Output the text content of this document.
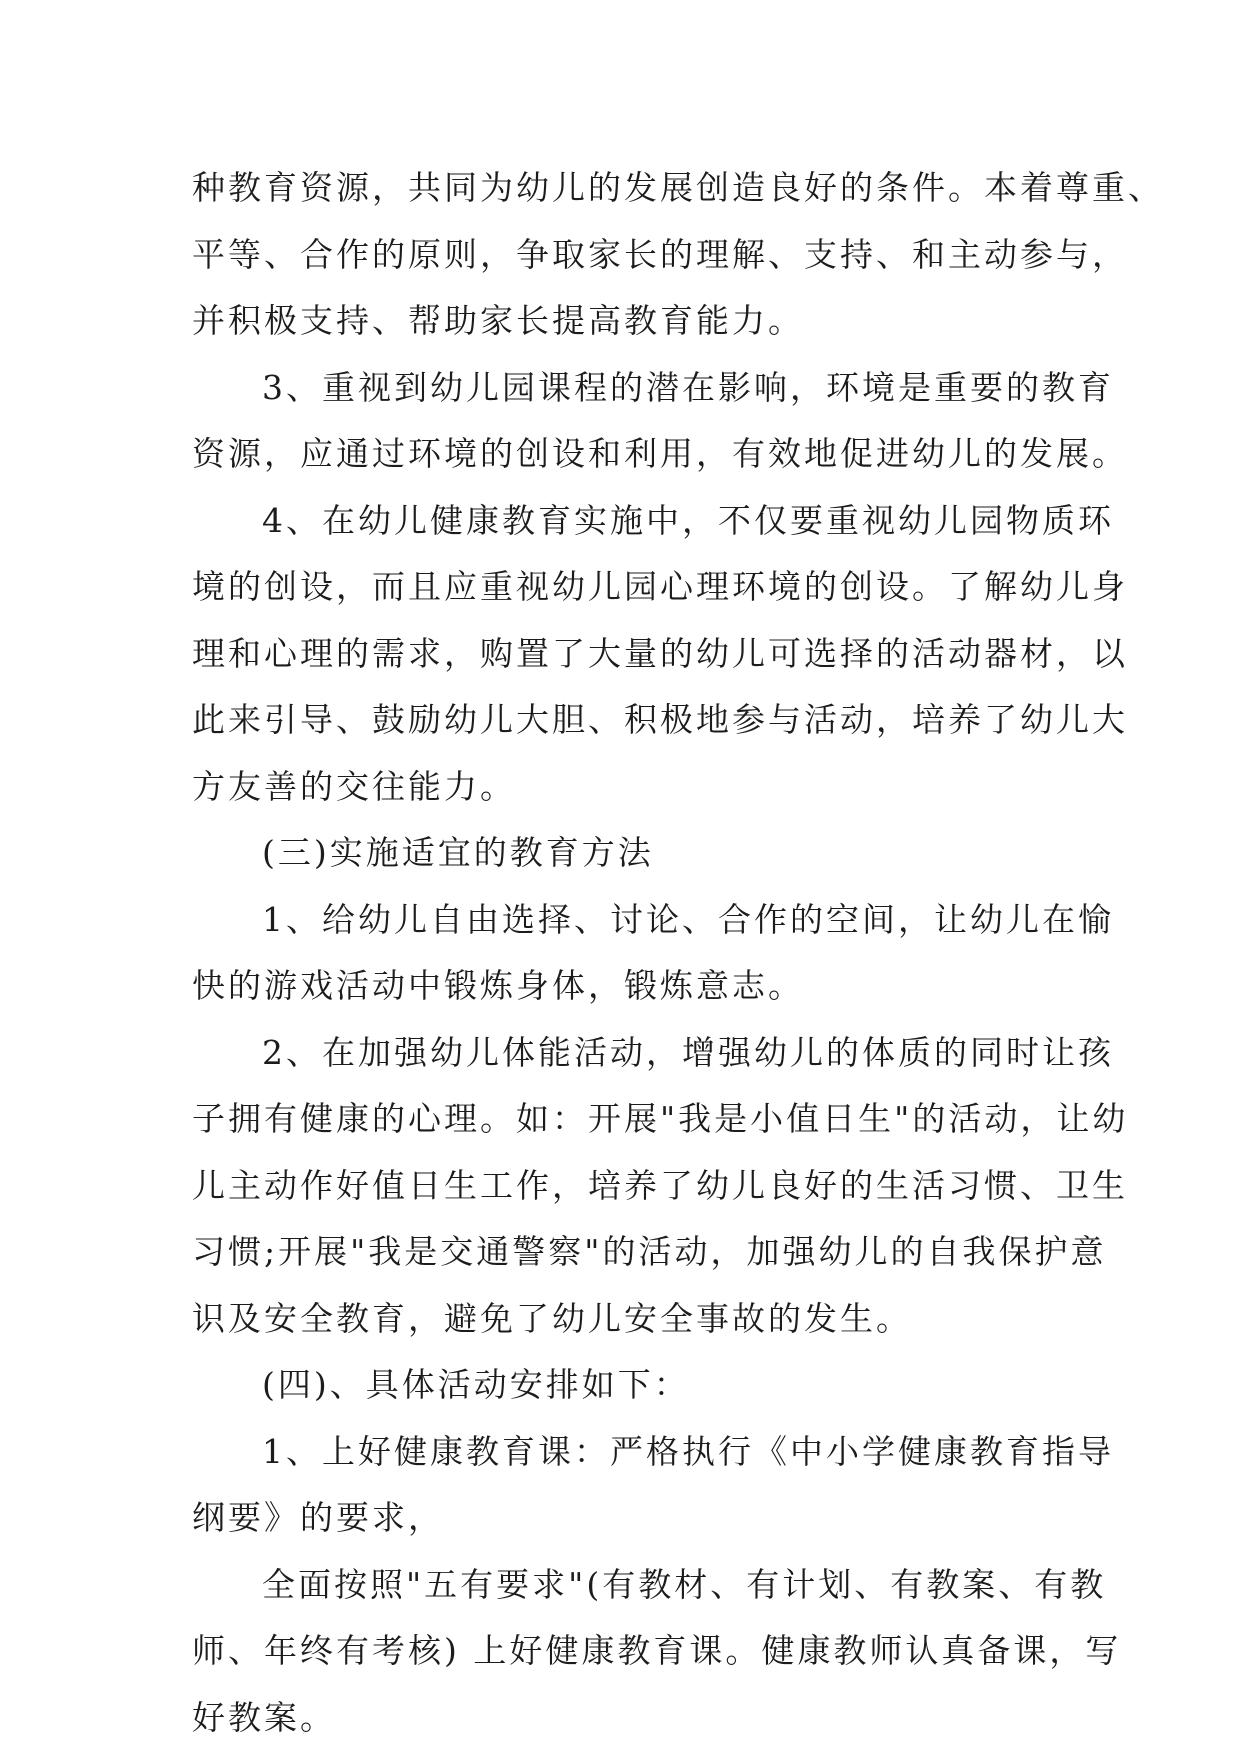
种教育资源，共同为幼儿的发展创造良好的条件。本着尊重、
平等、合作的原则，争取家长的理解、支持、和主动参与，
并积极支持、帮助家长提高教育能力。
3、重视到幼儿园课程的潜在影响，环境是重要的教育
资源，应通过环境的创设和利用，有效地促进幼儿的发展。
4、在幼儿健康教育实施中，不仅要重视幼儿园物质环
境的创设，而且应重视幼儿园心理环境的创设。了解幼儿身
理和心理的需求，购置了大量的幼儿可选择的活动器材，以
此来引导、鼓励幼儿大胆、积极地参与活动，培养了幼儿大
方友善的交往能力。
(三)实施适宜的教育方法
1、给幼儿自由选择、讨论、合作的空间，让幼儿在愉
快的游戏活动中锻炼身体，锻炼意志。
2、在加强幼儿体能活动，增强幼儿的体质的同时让孩
子拥有健康的心理。如：开展"我是小值日生"的活动，让幼
儿主动作好值日生工作，培养了幼儿良好的生活习惯、卫生
习惯;开展"我是交通警察"的活动，加强幼儿的自我保护意
识及安全教育，避免了幼儿安全事故的发生。
(四)、具体活动安排如下：
1、上好健康教育课：严格执行《中小学健康教育指导
纲要》的要求，
全面按照"五有要求"(有教材、有计划、有教案、有教
师、年终有考核) 上好健康教育课。健康教师认真备课，写
好教案。
